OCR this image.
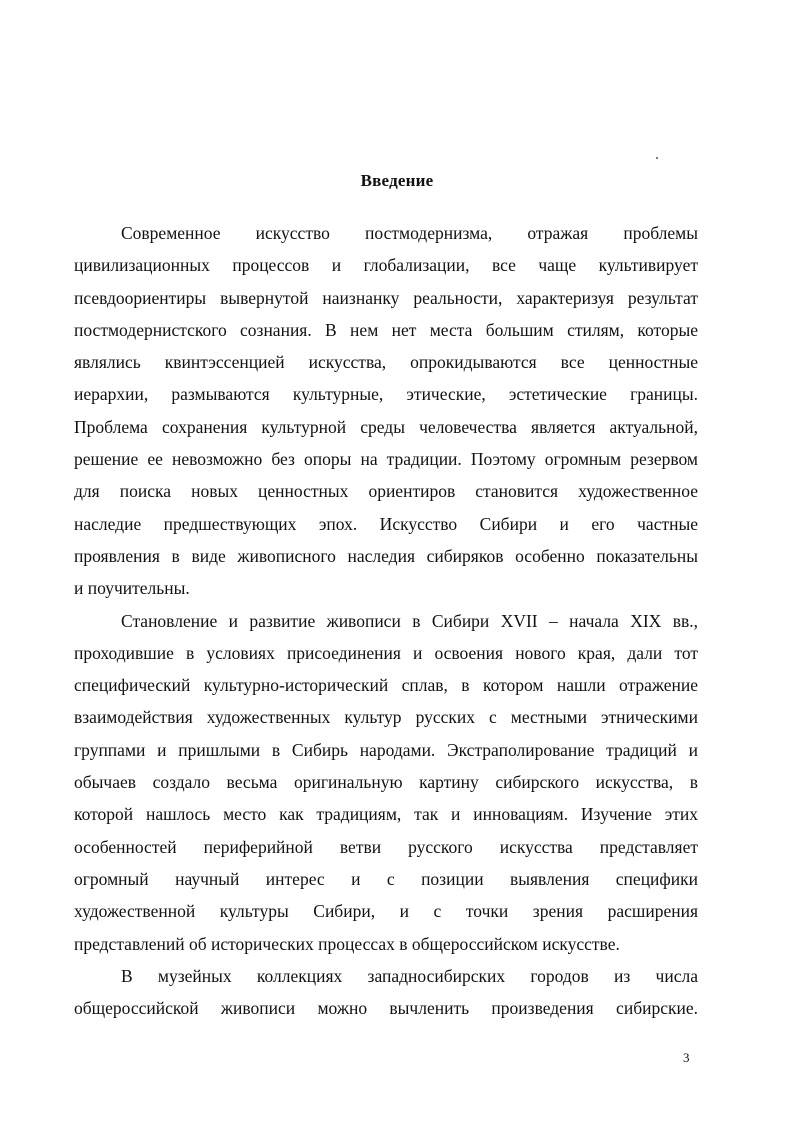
Введение

Современное искусство постмодернизма, отражая проблемы
цивилизационных процессов и глобализации, все чаще культивирует
псевдоориентиры вывернутой наизнанку реальности, характеризуя результат
постмодернистского сознания. В нем нет места большим стилям, которые
являлись квинтэссенцией искусства, опрокидываются все ценностные
иерархии, размываются культурные, этические, эстетические границы.
Проблема сохранения культурной среды человечества является актуальной,
решение ее невозможно без опоры на традиции. Поэтому огромным резервом
для поиска новых ценностных ориентиров становится художественное
наследие предшествующих эпох. Искусство Сибири и его частные
проявления в виде живописного наследия сибиряков особенно показательны
и поучительны.

Становление и развитие живописи в Сибири XVII – начала XIX вв.,
проходившие в условиях присоединения и освоения нового края, дали тот
специфический культурно-исторический сплав, в котором нашли отражение
взаимодействия художественных культур русских с местными этническими
группами и пришлыми в Сибирь народами. Экстраполирование традиций и
обычаев создало весьма оригинальную картину сибирского искусства, в
которой нашлось место как традициям, так и инновациям. Изучение этих
особенностей периферийной ветви русского искусства представляет
огромный научный интерес и с позиции выявления специфики
художественной культуры Сибири, и с точки зрения расширения
представлений об исторических процессах в общероссийском искусстве.

В музейных коллекциях западносибирских городов из числа
общероссийской живописи можно вычленить произведения сибирские.

3
